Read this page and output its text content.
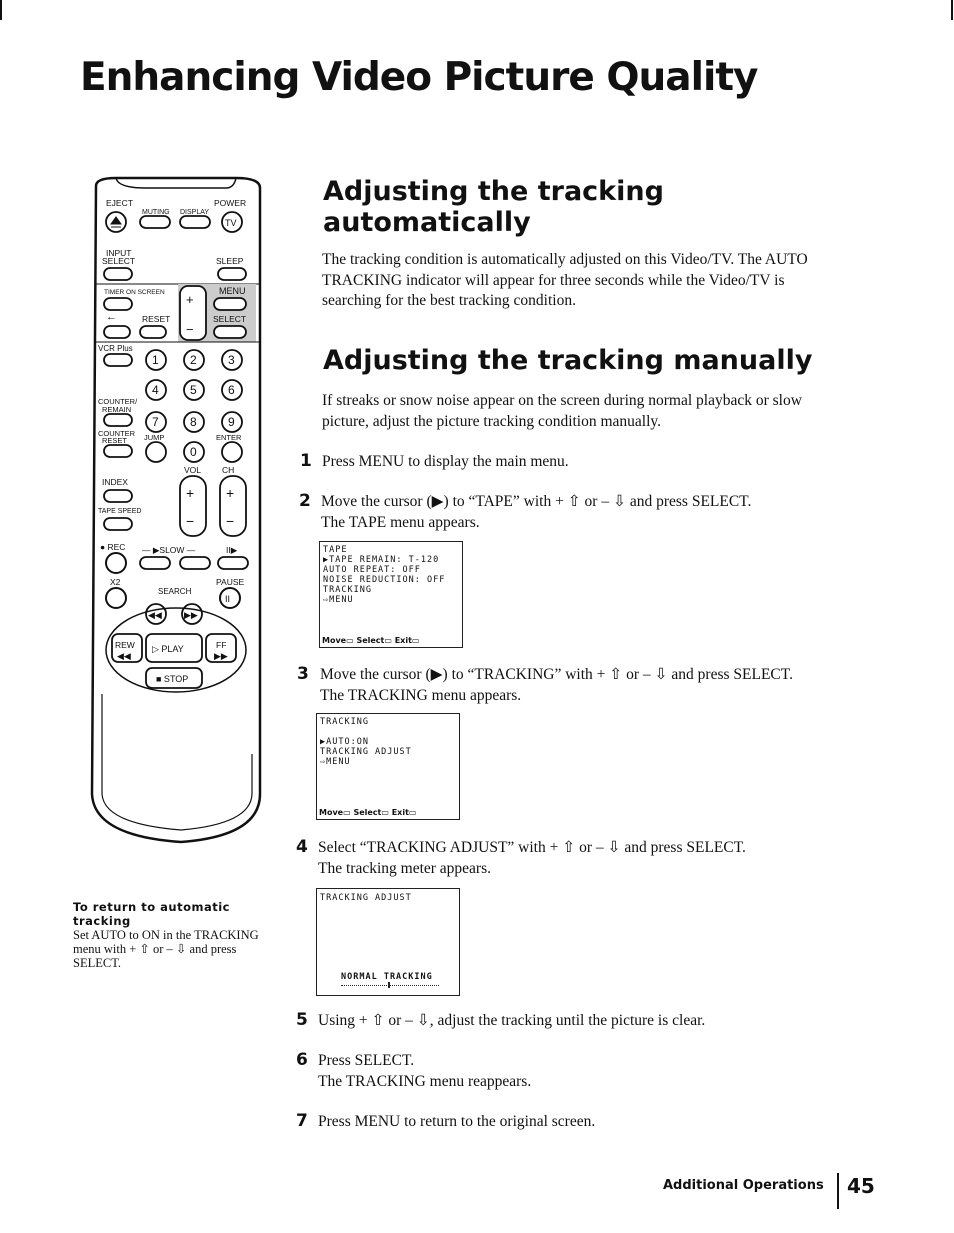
Enhancing Video Picture Quality
EJECT
MUTING DISPLAY
POWER
TV
INPUT
SELECT	SLEEP
TIMER ON SCREEN	MENU
+
−
←	RESET	SELECT
VCR Plus
1	2	3
4	5	6
7	8	9
0
COUNTER/
REMAIN
COUNTER
RESET JUMP	ENTER
VOL CH
INDEX
TAPE SPEED
+
−
+
−
● REC — ▶SLOW —	II▶
X2	PAUSE
SEARCH
II
◀◀ ▶▶
REW
◀◀
▷ PLAY	FF
▶▶
■ STOP
Adjusting the tracking
automatically

The tracking condition is automatically adjusted on this Video/TV. The AUTO TRACKING indicator will appear for three seconds while the Video/TV is searching for the best tracking condition.

Adjusting the tracking manually

If streaks or snow noise appear on the screen during normal playback or slow picture, adjust the picture tracking condition manually.

1 Press MENU to display the main menu.
2 Move the cursor (▶) to “TAPE” with + ⇧ or – ⇩ and press SELECT.
The TAPE menu appears.
TAPE
▶TAPE REMAIN: T-120
AUTO REPEAT: OFF
NOISE REDUCTION: OFF
TRACKING
⇨MENU
Move▭ Select▭ Exit▭
3 Move the cursor (▶) to “TRACKING” with + ⇧ or – ⇩ and press SELECT.
The TRACKING menu appears.
TRACKING
▶AUTO:ON
TRACKING ADJUST
⇨MENU
Move▭ Select▭ Exit▭
4 Select “TRACKING ADJUST” with + ⇧ or – ⇩ and press SELECT.
The tracking meter appears.
TRACKING ADJUST
NORMAL TRACKING
5 Using + ⇧ or – ⇩, adjust the tracking until the picture is clear.
6 Press SELECT.
The TRACKING menu reappears.
7 Press MENU to return to the original screen.
To return to automatic tracking
Set AUTO to ON in the TRACKING menu with + ⇧ or – ⇩ and press SELECT.
Additional Operations 45
